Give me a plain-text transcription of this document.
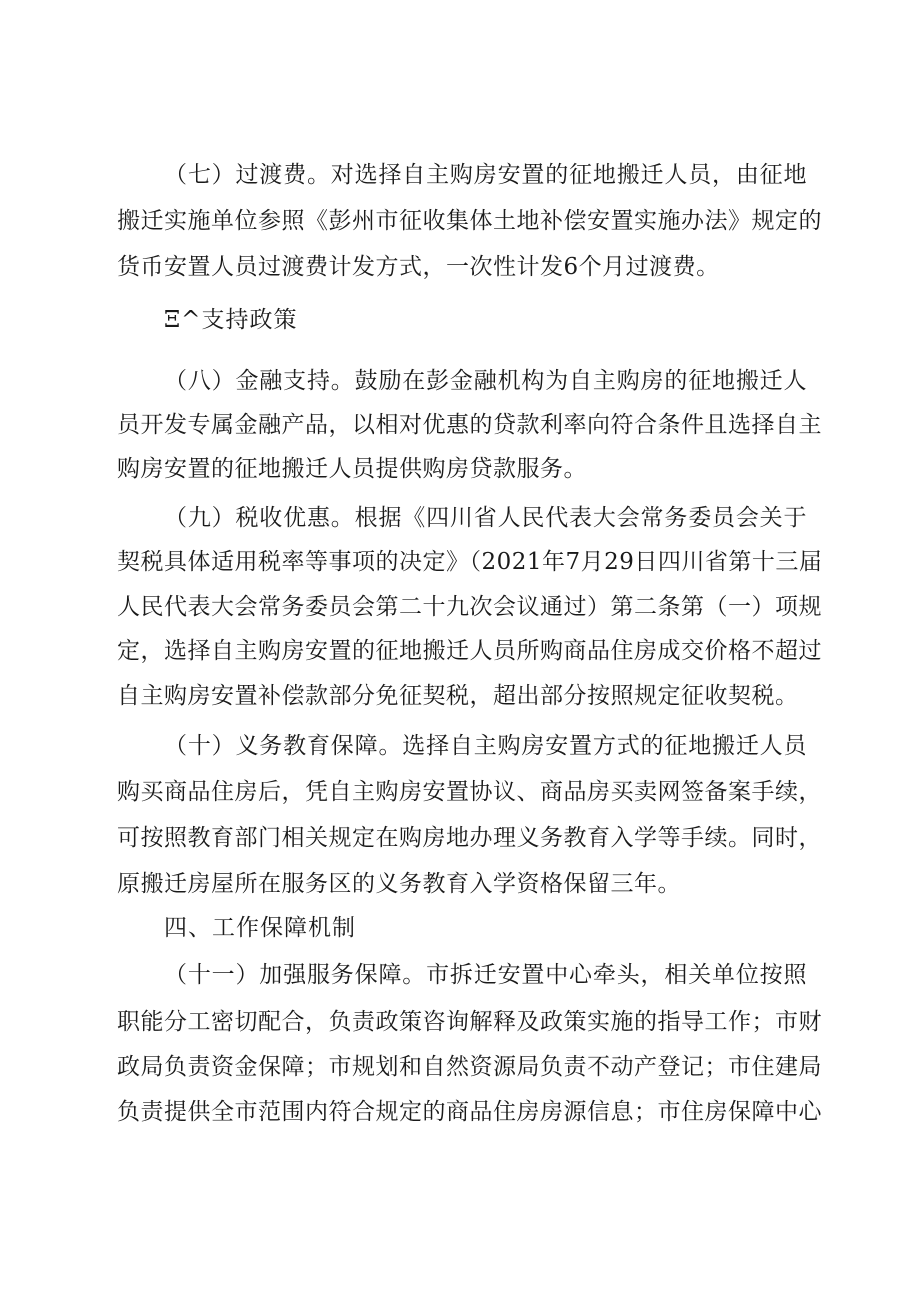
（七）过渡费。对选择自主购房安置的征地搬迁人员，由征地
搬迁实施单位参照《彭州市征收集体土地补偿安置实施办法》规定的
货币安置人员过渡费计发方式，一次性计发6个月过渡费。
Ξ^支持政策
（八）金融支持。鼓励在彭金融机构为自主购房的征地搬迁人
员开发专属金融产品，以相对优惠的贷款利率向符合条件且选择自主
购房安置的征地搬迁人员提供购房贷款服务。
（九）税收优惠。根据《四川省人民代表大会常务委员会关于
契税具体适用税率等事项的决定》（2021年7月29日四川省第十三届
人民代表大会常务委员会第二十九次会议通过）第二条第（一）项规
定，选择自主购房安置的征地搬迁人员所购商品住房成交价格不超过
自主购房安置补偿款部分免征契税，超出部分按照规定征收契税。
（十）义务教育保障。选择自主购房安置方式的征地搬迁人员
购买商品住房后，凭自主购房安置协议、商品房买卖网签备案手续，
可按照教育部门相关规定在购房地办理义务教育入学等手续。同时，
原搬迁房屋所在服务区的义务教育入学资格保留三年。
四、工作保障机制
（十一）加强服务保障。市拆迁安置中心牵头，相关单位按照
职能分工密切配合，负责政策咨询解释及政策实施的指导工作；市财
政局负责资金保障；市规划和自然资源局负责不动产登记；市住建局
负责提供全市范围内符合规定的商品住房房源信息；市住房保障中心
